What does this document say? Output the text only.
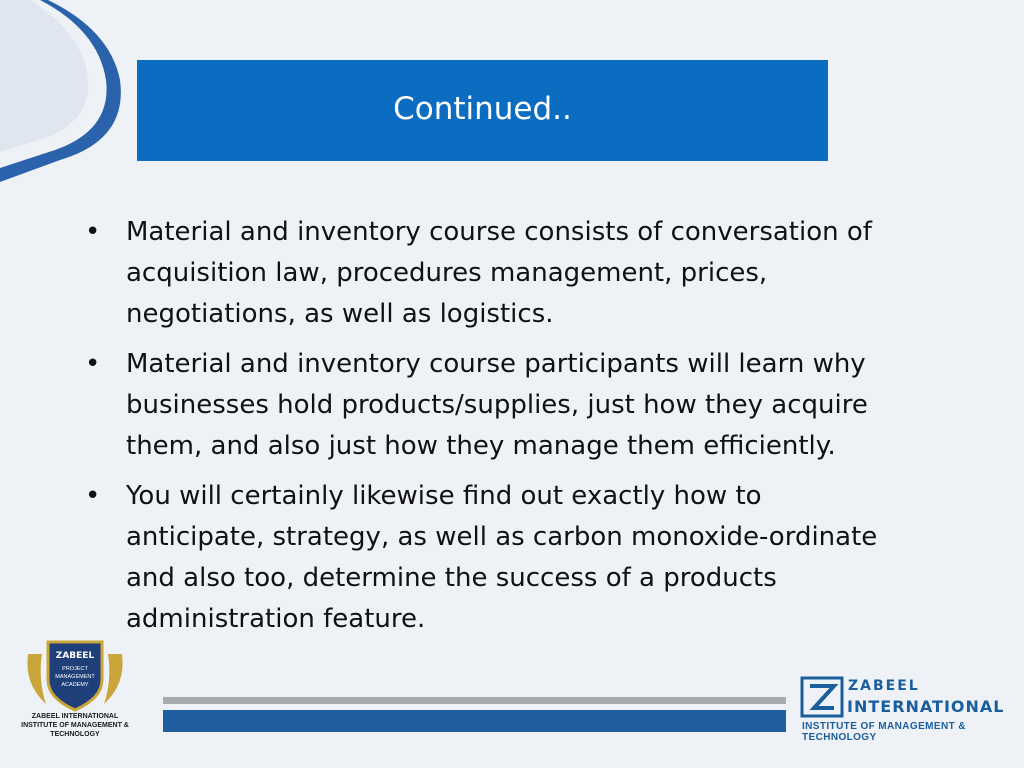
Continued..
• Material and inventory course consists of conversation of acquisition law, procedures management, prices, negotiations, as well as logistics.
• Material and inventory course participants will learn why businesses hold products/supplies, just how they acquire them, and also just how they manage them efficiently.
• You will certainly likewise find out exactly how to anticipate, strategy, as well as carbon monoxide-ordinate and also too, determine the success of a products administration feature.
ZABEEL
PROJECT
MANAGEMENT
ACADEMY
ZABEEL INTERNATIONAL
INSTITUTE OF MANAGEMENT & TECHNOLOGY
ZABEEL
INTERNATIONAL
INSTITUTE OF MANAGEMENT & TECHNOLOGY
